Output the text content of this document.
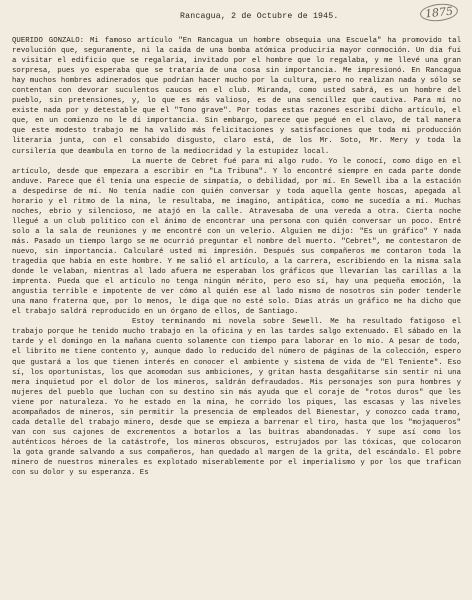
1875
Rancagua, 2 de Octubre de 1945.

QUERIDO GONZALO: Mi famoso artículo "En Rancagua un hombre obsequia una Escuela" ha promovido tal revolución que, seguramente, ni la caída de una bomba atómica produciría mayor conmoción. Un día fuí a visitar el edificio que se regalaría, invitado por el hombre que lo regalaba, y me llevé una gran sorpresa, pues yo esperaba que se trataría de una cosa sin importancia. Me impresionó. En Rancagua hay muchos hombres adinerados que podrían hacer mucho por la cultura, pero no realizan nada y sólo se contentan con devorar suculentos caucos en el club. Miranda, como usted sabrá, es un hombre del pueblo, sin pretensiones, y, lo que es más valioso, es de una sencillez que cautiva. Para mí no existe nada por y detestable que el "Tono grave". Por todas estas razones escribí dicho artículo, el que, en un comienzo no le dí importancia. Sin embargo, parece que pegué en el clavo, de tal manera que este modesto trabajo me ha valido más felicitaciones y satisfacciones que toda mi producción literaria junta, con el consabido disgusto, claro está, de los Mr. Soto, Mr. Mery y toda la cursilería que deambula en torno de la mediocridad y la estupidez local.

La muerte de Cebret fué para mí algo rudo. Yo le conocí, como digo en el artículo, desde que empezara a escribir en "La Tribuna". Y lo encontré siempre en cada parte donde anduve. Parece que él tenía una especie de simpatía, o debilidad, por mí. En Sewell iba a la estación a despedirse de mí. No tenía nadie con quién conversar y toda aquella gente hoscas, apegada al horario y el ritmo de la mina, le resultaba, me imagino, antipática, como me sucedía a mí. Muchas noches, ebrio y silencioso, me atajó en la calle. Atravesaba de una vereda a otra. Cierta noche llegué a un club político con el ánimo de encontrar una persona con quién conversar un poco. Entré solo a la sala de reuniones y me encontré con un velerio. Alguien me dijo: "Es un gráfico" Y nada más. Pasado un tiempo largo se me ocurrió preguntar el nombre del muerto. "Cebret", me contestaron de nuevo, sin importancia. Calcularé usted mi impresión. Después sus compañeros me contaron toda la tragedia que había en este hombre. Y me salió el artículo, a la carrera, escribiendo en la misma sala donde le velaban, mientras al lado afuera me esperaban los gráficos que llevarían las carillas a la imprenta. Pueda que el artículo no tenga ningún mérito, pero eso sí, hay una pequeña emoción, la angustia terrible e impotente de ver cómo al quién ese al lado mismo de nosotros sin poder tenderle una mano fraterna que, por lo menos, le diga que no esté solo. Días atrás un gráfico me ha dicho que el trabajo saldrá reproducido en un órgano de ellos, de Santiago.

Estoy terminando mi novela sobre Sewell. Me ha resultado fatigoso el trabajo porque he tenido mucho trabajo en la oficina y en las tardes salgo extenuado. El sábado en la tarde y el domingo en la mañana cuento solamente con tiempo para laborar en lo mío. A pesar de todo, el librito me tiene contento y, aunque dado lo reducido del número de páginas de la colección, espero que gustará a los que tienen interés en conocer el ambiente y sistema de vida de "El Teniente". Eso sí, los oportunistas, los que acomodan sus ambiciones, y gritan hasta desgañitarse sin sentir ni una mera inquietud por el dolor de los mineros, saldrán defraudados. Mis personajes son pura hombres y mujeres del pueblo que luchan con su destino sin más ayuda que el coraje de "rotos duros" que les viene por naturaleza. Yo he estado en la mina, he corrido los piques, las escasas y las niveles acompañados de mineros, sin permitir la presencia de empleados del Bienestar, y conozco cada tramo, cada detalle del trabajo minero, desde que se empieza a barrenar el tiro, hasta que los "mojaqueros" van con sus cajones de excrementos a botarlos a las buitras abandonadas. Y supe así como los auténticos héroes de la catástrofe, los mineros obscuros, estrujados por las tóxicas, que colocaron la gota grande salvando a sus compañeros, han quedado al margen de la grita, del escándalo. El pobre minero de nuestros minerales es explotado miserablemente por el imperialismo y por los que trafican con su dolor y su esperanza. Es
